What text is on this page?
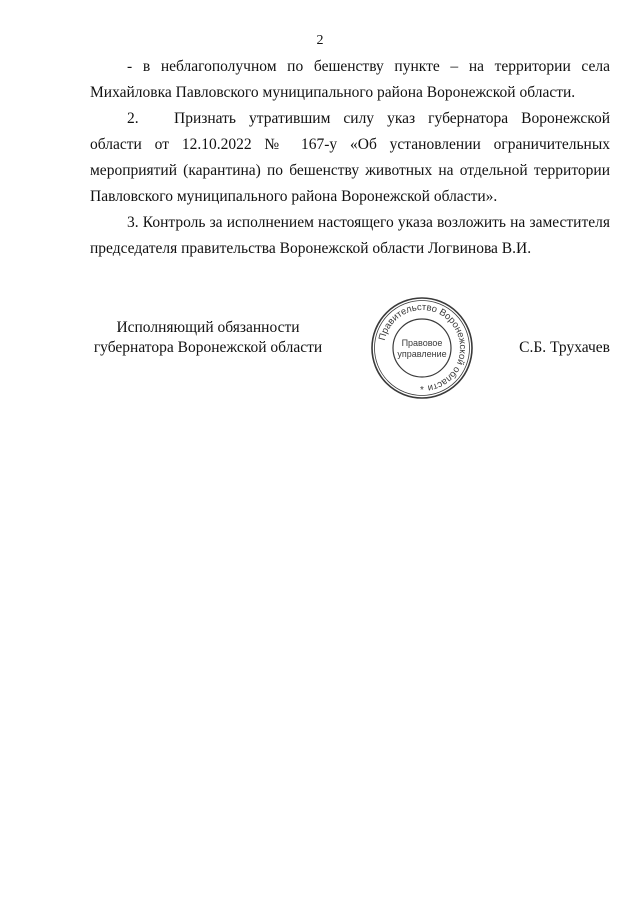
2

- в неблагополучном по бешенству пункте – на территории села Михайловка Павловского муниципального района Воронежской области.

2. Признать утратившим силу указ губернатора Воронежской области от 12.10.2022 № 167-у «Об установлении ограничительных мероприятий (карантина) по бешенству животных на отдельной территории Павловского муниципального района Воронежской области».

3. Контроль за исполнением настоящего указа возложить на заместителя председателя правительства Воронежской области Логвинова В.И.

Исполняющий обязанности
губернатора Воронежской области	С.Б. Трухачев
Правительство Воронежской области
Правовое
управление
*
